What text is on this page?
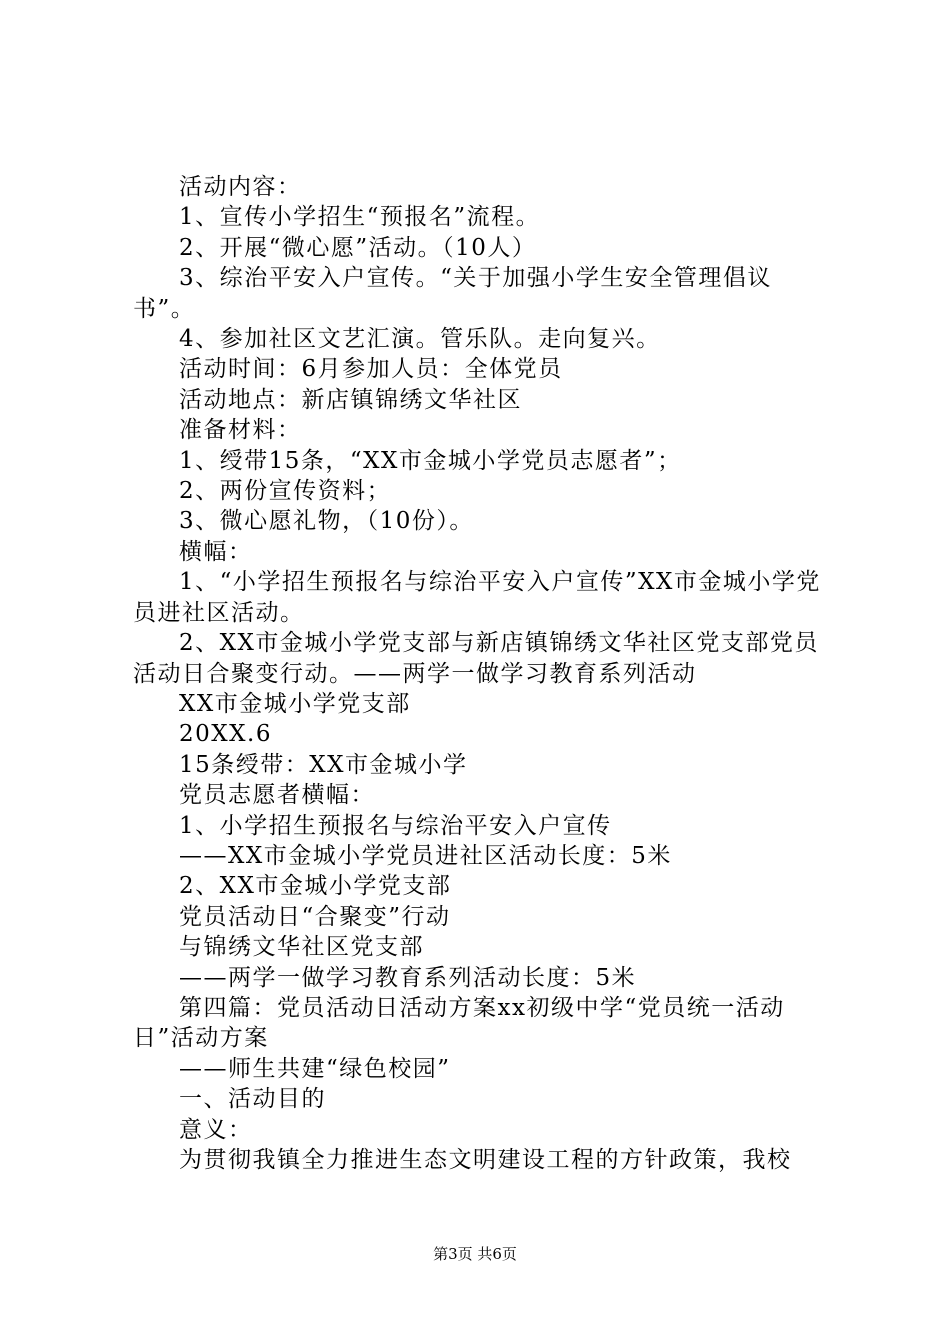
活动内容：

1、宣传小学招生“预报名”流程。

2、开展“微心愿”活动。（10人）

3、综治平安入户宣传。“关于加强小学生安全管理倡议书”。

4、参加社区文艺汇演。管乐队。走向复兴。

活动时间：6月参加人员：全体党员

活动地点：新店镇锦绣文华社区

准备材料：

1、绶带15条，“XX市金城小学党员志愿者”；

2、两份宣传资料；

3、微心愿礼物，（10份）。

横幅：

1、“小学招生预报名与综治平安入户宣传”XX市金城小学党员进社区活动。

2、XX市金城小学党支部与新店镇锦绣文华社区党支部党员活动日合聚变行动。——两学一做学习教育系列活动

XX市金城小学党支部

20XX.6

15条绶带：XX市金城小学

党员志愿者横幅：

1、小学招生预报名与综治平安入户宣传

——XX市金城小学党员进社区活动长度：5米

2、XX市金城小学党支部

党员活动日“合聚变”行动

与锦绣文华社区党支部

——两学一做学习教育系列活动长度：5米

第四篇：党员活动日活动方案xx初级中学“党员统一活动日”活动方案

——师生共建“绿色校园”

一、活动目的

意义：

为贯彻我镇全力推进生态文明建设工程的方针政策，我校

第3页 共6页
